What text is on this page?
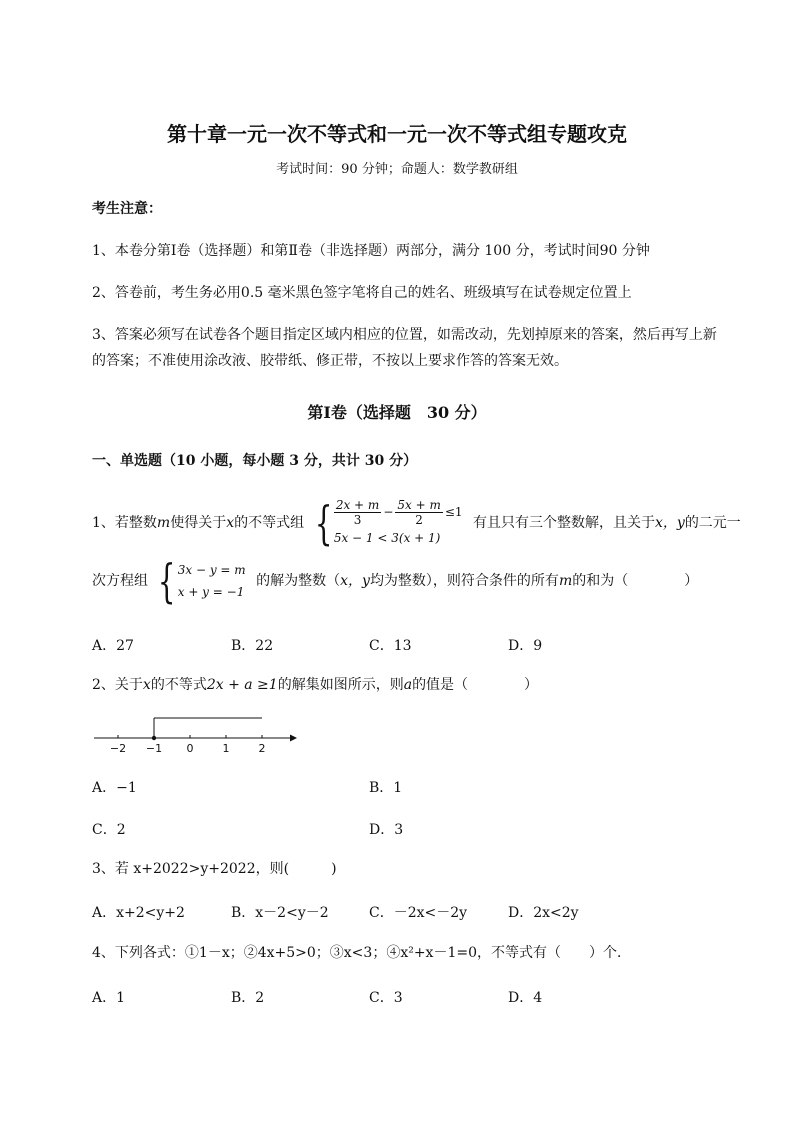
第十章一元一次不等式和一元一次不等式组专题攻克
考试时间：90 分钟；命题人：数学教研组
考生注意：
1、本卷分第Ⅰ卷（选择题）和第Ⅱ卷（非选择题）两部分，满分 100 分，考试时间90 分钟
2、答卷前，考生务必用0.5 毫米黑色签字笔将自己的姓名、班级填写在试卷规定位置上
3、答案必须写在试卷各个题目指定区域内相应的位置，如需改动，先划掉原来的答案，然后再写上新
的答案；不准使用涂改液、胶带纸、修正带，不按以上要求作答的答案无效。
第Ⅰ卷（选择题　30 分）
一、单选题（10 小题，每小题 3 分，共计 30 分）
1、若整数m使得关于x的不等式组 { $\frac{2x + m}{3} - \frac{5x + m}{2} \le 1$
5x − 1 < 3(x + 1)
有且只有三个整数解，且关于x，y的二元一
次方程组 { 3x − y = m
x + y = −1
的解为整数（x，y均为整数），则符合条件的所有m的和为（　　　　）
A．27	B．22	C．13	D．9
2、关于x的不等式2x + a ≥1的解集如图所示，则a的值是（　　　　）
−2 −1 0	1	2
A．−1	B．1
C．2	D．3
3、若 x+2022>y+2022，则(　　　)
A．x+2<y+2	B．x－2<y－2	C．－2x<－2y	D．2x<2y
4、下列各式：①1－x；②4x+5>0；③x<3；④x²+x－1=0，不等式有（　　）个．
A．1	B．2	C．3	D．4
